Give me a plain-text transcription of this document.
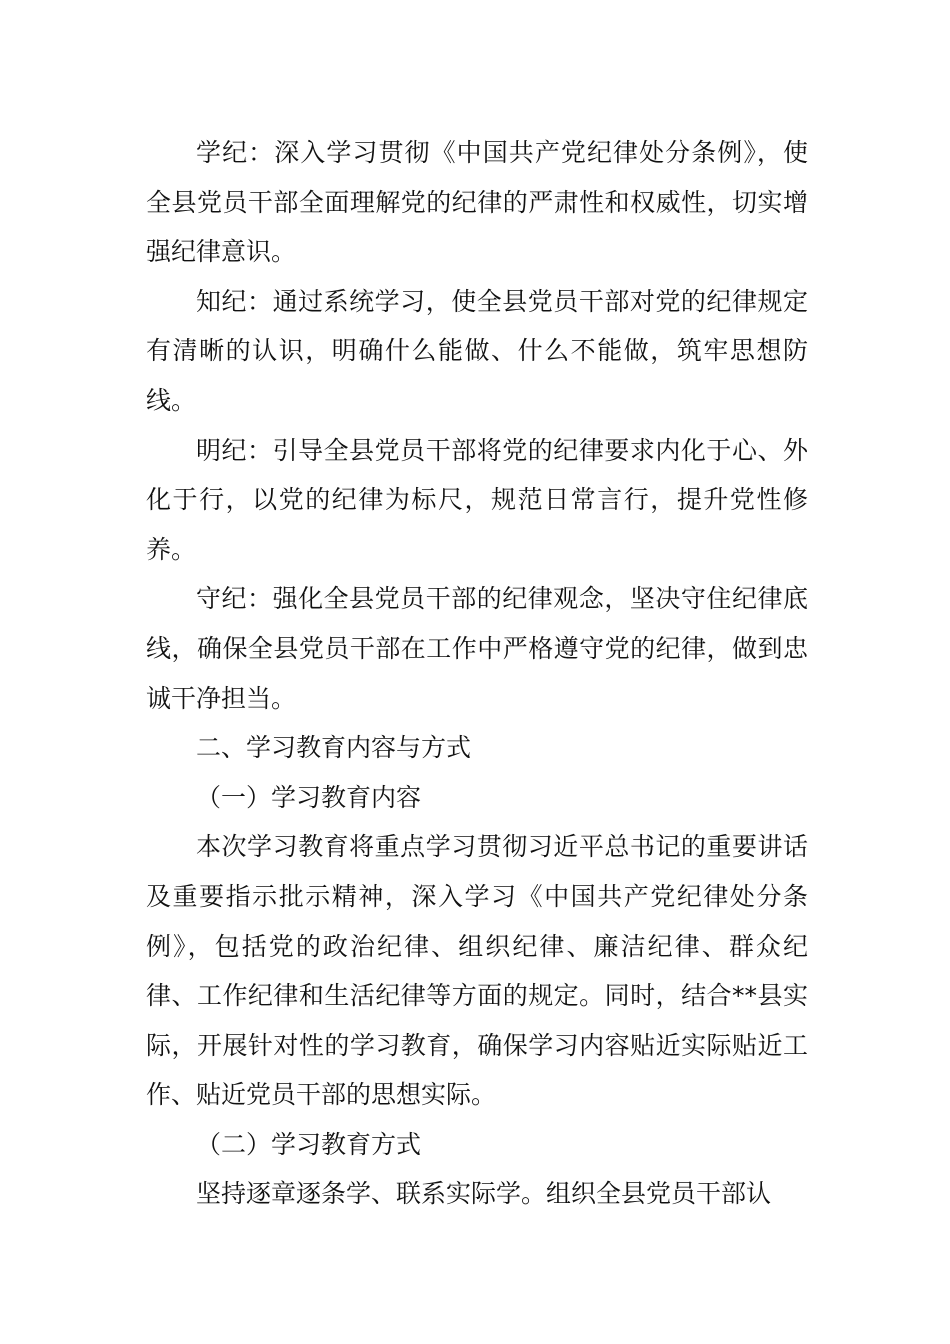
学纪：深入学习贯彻《中国共产党纪律处分条例》，使全县党员干部全面理解党的纪律的严肃性和权威性，切实增强纪律意识。

知纪：通过系统学习，使全县党员干部对党的纪律规定有清晰的认识，明确什么能做、什么不能做，筑牢思想防线。

明纪：引导全县党员干部将党的纪律要求内化于心、外化于行，以党的纪律为标尺，规范日常言行，提升党性修养。

守纪：强化全县党员干部的纪律观念，坚决守住纪律底线，确保全县党员干部在工作中严格遵守党的纪律，做到忠诚干净担当。

二、学习教育内容与方式

（一）学习教育内容

本次学习教育将重点学习贯彻习近平总书记的重要讲话及重要指示批示精神，深入学习《中国共产党纪律处分条例》，包括党的政治纪律、组织纪律、廉洁纪律、群众纪律、工作纪律和生活纪律等方面的规定。同时，结合**县实际，开展针对性的学习教育，确保学习内容贴近实际贴近工作、贴近党员干部的思想实际。

（二）学习教育方式

坚持逐章逐条学、联系实际学。组织全县党员干部认
